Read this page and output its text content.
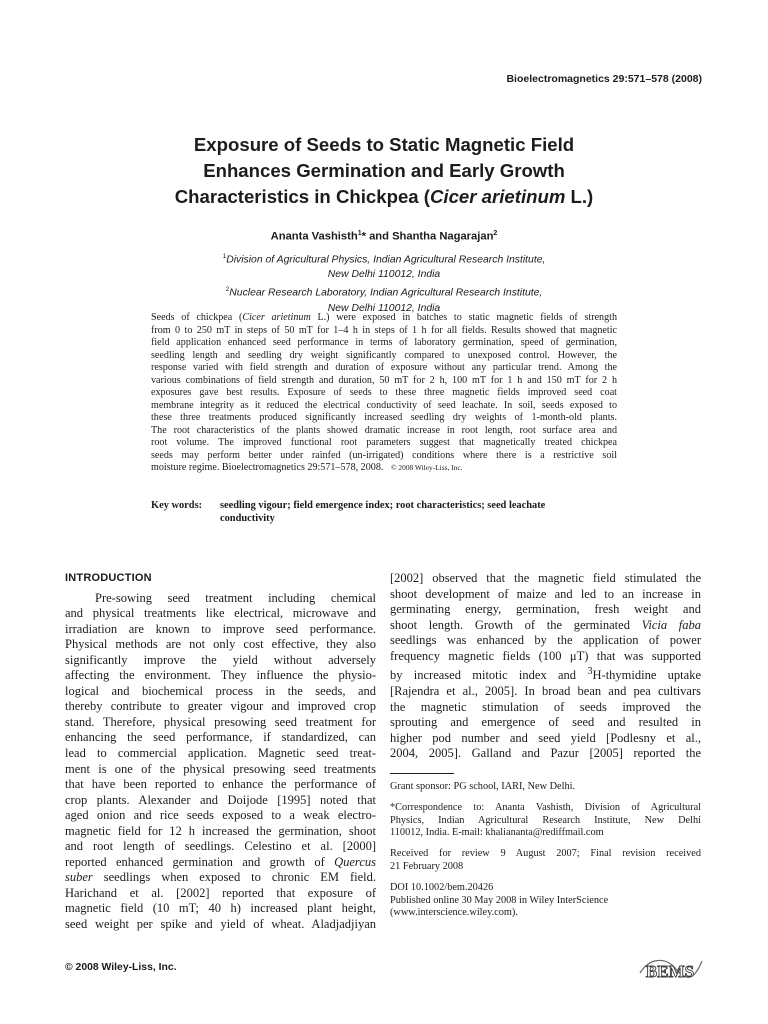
Bioelectromagnetics 29:571–578 (2008)
Exposure of Seeds to Static Magnetic Field
Enhances Germination and Early Growth
Characteristics in Chickpea (Cicer arietinum L.)
Ananta Vashisth$^1$* and Shantha Nagarajan$^2$
$^1$Division of Agricultural Physics, Indian Agricultural Research Institute,
New Delhi 110012, India
$^2$Nuclear Research Laboratory, Indian Agricultural Research Institute,
New Delhi 110012, India
Seeds of chickpea (Cicer arietinum L.) were exposed in batches to static magnetic fields of strength
from 0 to 250 mT in steps of 50 mT for 1–4 h in steps of 1 h for all fields. Results showed that magnetic
field application enhanced seed performance in terms of laboratory germination, speed of germination,
seedling length and seedling dry weight significantly compared to unexposed control. However, the
response varied with field strength and duration of exposure without any particular trend. Among the
various combinations of field strength and duration, 50 mT for 2 h, 100 mT for 1 h and 150 mT for 2 h
exposures gave best results. Exposure of seeds to these three magnetic fields improved seed coat
membrane integrity as it reduced the electrical conductivity of seed leachate. In soil, seeds exposed to
these three treatments produced significantly increased seedling dry weights of 1-month-old plants.
The root characteristics of the plants showed dramatic increase in root length, root surface area and
root volume. The improved functional root parameters suggest that magnetically treated chickpea
seeds may perform better under rainfed (un-irrigated) conditions where there is a restrictive soil
moisture regime. Bioelectromagnetics 29:571–578, 2008. © 2008 Wiley-Liss, Inc.
Key words: seedling vigour; field emergence index; root characteristics; seed leachate
conductivity
INTRODUCTION
Pre-sowing seed treatment including chemical
and physical treatments like electrical, microwave and
irradiation are known to improve seed performance.
Physical methods are not only cost effective, they also
significantly improve the yield without adversely
affecting the environment. They influence the physio-
logical and biochemical process in the seeds, and
thereby contribute to greater vigour and improved crop
stand. Therefore, physical presowing seed treatment for
enhancing the seed performance, if standardized, can
lead to commercial application. Magnetic seed treat-
ment is one of the physical presowing seed treatments
that have been reported to enhance the performance of
crop plants. Alexander and Doijode [1995] noted that
aged onion and rice seeds exposed to a weak electro-
magnetic field for 12 h increased the germination, shoot
and root length of seedlings. Celestino et al. [2000]
reported enhanced germination and growth of Quercus
suber seedlings when exposed to chronic EM field.
Harichand et al. [2002] reported that exposure of
magnetic field (10 mT; 40 h) increased plant height,
seed weight per spike and yield of wheat. Aladjadjiyan
[2002] observed that the magnetic field stimulated the
shoot development of maize and led to an increase in
germinating energy, germination, fresh weight and
shoot length. Growth of the germinated Vicia faba
seedlings was enhanced by the application of power
frequency magnetic fields (100 μT) that was supported
by increased mitotic index and $^3$H-thymidine uptake
[Rajendra et al., 2005]. In broad bean and pea cultivars
the magnetic stimulation of seeds improved the
sprouting and emergence of seed and resulted in
higher pod number and seed yield [Podlesny et al.,
2004, 2005]. Galland and Pazur [2005] reported the
Grant sponsor: PG school, IARI, New Delhi.
*Correspondence to: Ananta Vashisth, Division of Agricultural
Physics, Indian Agricultural Research Institute, New Delhi
110012, India. E-mail: khaliananta@rediffmail.com
Received for review 9 August 2007; Final revision received
21 February 2008
DOI 10.1002/bem.20426
Published online 30 May 2008 in Wiley InterScience
(www.interscience.wiley.com).
© 2008 Wiley-Liss, Inc.	BEMS
